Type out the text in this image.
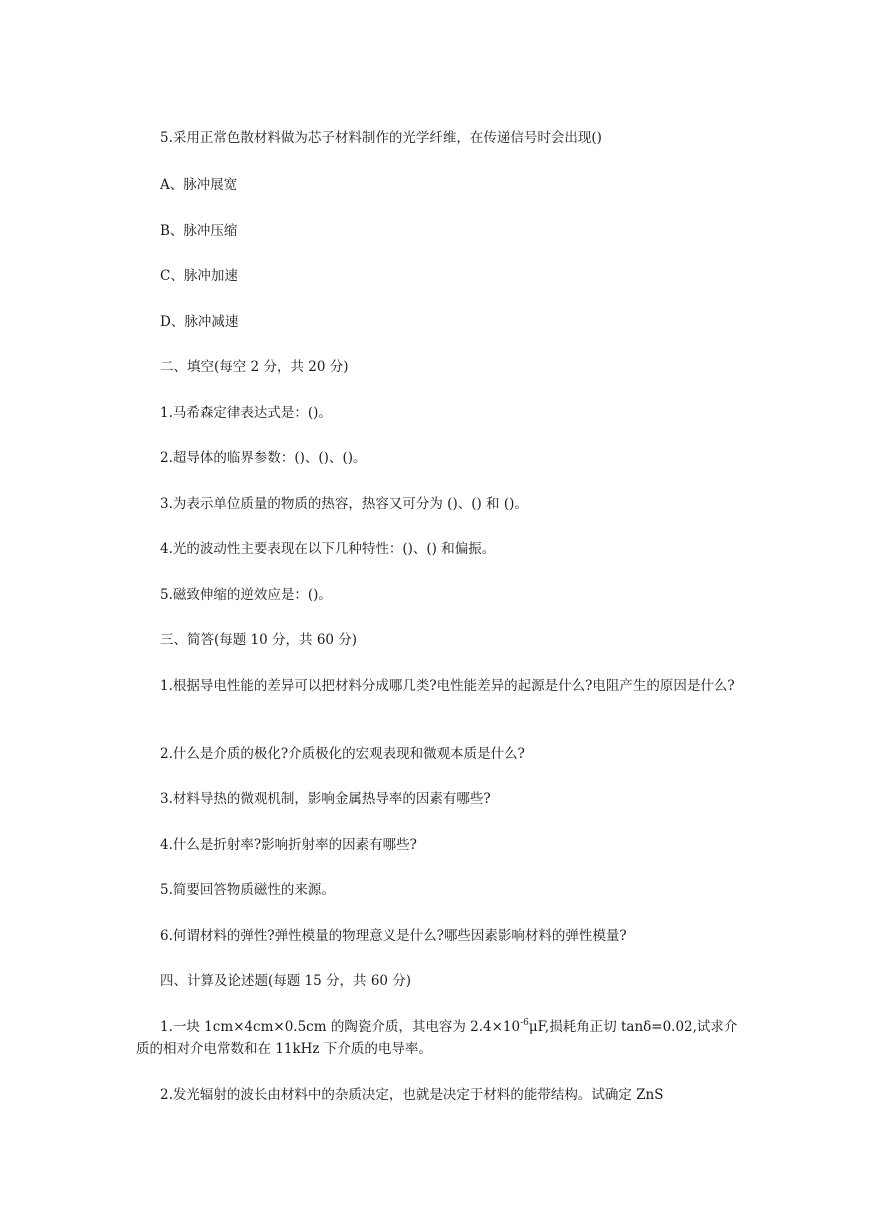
5.采用正常色散材料做为芯子材料制作的光学纤维，在传递信号时会出现()

A、脉冲展宽

B、脉冲压缩

C、脉冲加速

D、脉冲减速

二、填空(每空 2 分，共 20 分)

1.马希森定律表达式是：()。

2.超导体的临界参数：()、()、()。

3.为表示单位质量的物质的热容，热容又可分为 ()、() 和 ()。

4.光的波动性主要表现在以下几种特性：()、() 和偏振。

5.磁致伸缩的逆效应是：()。

三、简答(每题 10 分，共 60 分)

1.根据导电性能的差异可以把材料分成哪几类?电性能差异的起源是什么?电阻产生的原因是什么?

2.什么是介质的极化?介质极化的宏观表现和微观本质是什么?

3.材料导热的微观机制，影响金属热导率的因素有哪些?

4.什么是折射率?影响折射率的因素有哪些?

5.简要回答物质磁性的来源。

6.何谓材料的弹性?弹性模量的物理意义是什么?哪些因素影响材料的弹性模量?

四、计算及论述题(每题 15 分，共 60 分)

1.一块 1cm×4cm×0.5cm 的陶瓷介质，其电容为 $2.4\times 10^{-6}\mu F$,损耗角正切 tanδ=0.02,试求介质的相对介电常数和在 11kHz 下介质的电导率。

2.发光辐射的波长由材料中的杂质决定，也就是决定于材料的能带结构。试确定 ZnS
